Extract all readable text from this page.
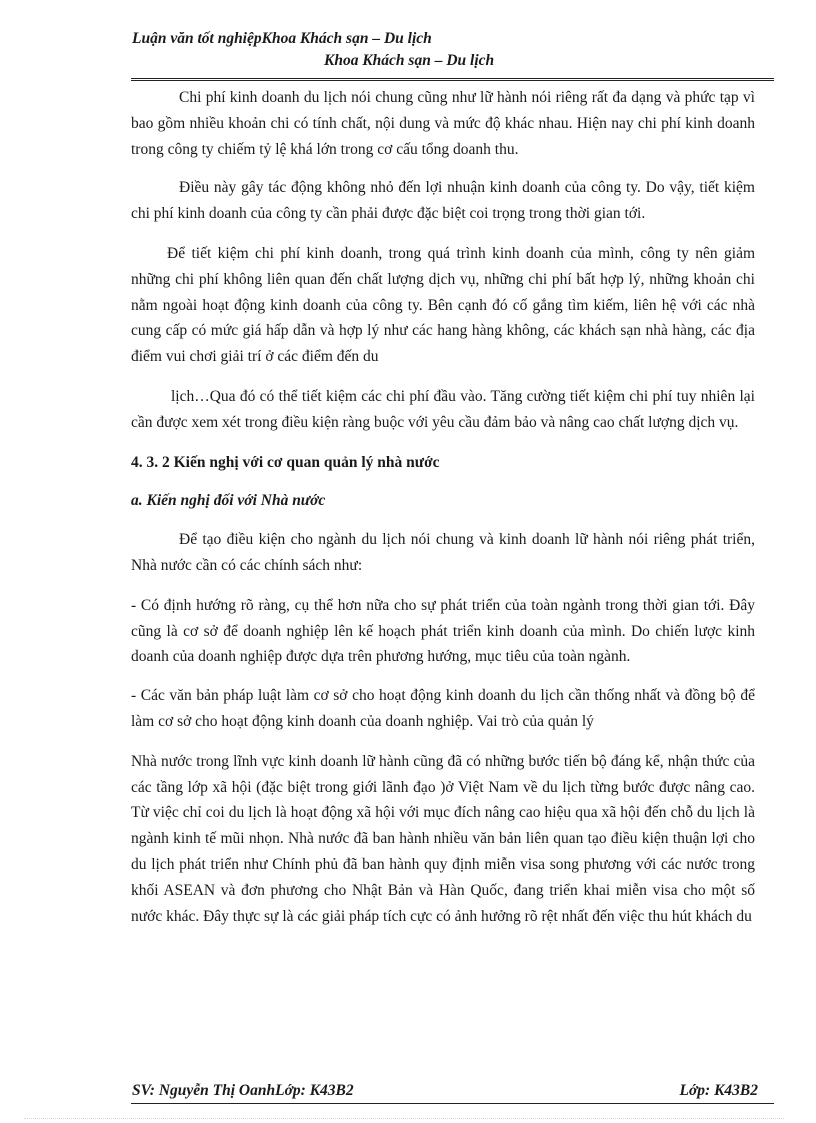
Luận văn tốt nghiệpKhoa Khách sạn – Du lịch
Khoa Khách sạn – Du lịch

Chi phí kinh doanh du lịch nói chung cũng như lữ hành nói riêng rất đa dạng và phức tạp vì bao gồm nhiều khoản chi có tính chất, nội dung và mức độ khác nhau. Hiện nay chi phí kinh doanh trong công ty chiếm tỷ lệ khá lớn trong cơ cấu tổng doanh thu.

Điều này gây tác động không nhỏ đến lợi nhuận kinh doanh của công ty. Do vậy, tiết kiệm chi phí kinh doanh của công ty cần phải được đặc biệt coi trọng trong thời gian tới.

Để tiết kiệm chi phí kinh doanh, trong quá trình kinh doanh của mình, công ty nên giảm những chi phí không liên quan đến chất lượng dịch vụ, những chi phí bất hợp lý, những khoản chi nằm ngoài hoạt động kinh doanh của công ty. Bên cạnh đó cố gắng tìm kiếm, liên hệ với các nhà cung cấp có mức giá hấp dẫn và hợp lý như các hang hàng không, các khách sạn nhà hàng, các địa điểm vui chơi giải trí ở các điểm đến du

lịch…Qua đó có thể tiết kiệm các chi phí đầu vào. Tăng cường tiết kiệm chi phí tuy nhiên lại cần được xem xét trong điều kiện ràng buộc với yêu cầu đảm bảo và nâng cao chất lượng dịch vụ.

4. 3. 2 Kiến nghị với cơ quan quản lý nhà nước

a. Kiến nghị đối với Nhà nước

Để tạo điều kiện cho ngành du lịch nói chung và kinh doanh lữ hành nói riêng phát triển, Nhà nước cần có các chính sách như:

- Có định hướng rõ ràng, cụ thể hơn nữa cho sự phát triển của toàn ngành trong thời gian tới. Đây cũng là cơ sở để doanh nghiệp lên kế hoạch phát triển kinh doanh của mình. Do chiến lược kinh doanh của doanh nghiệp được dựa trên phương hướng, mục tiêu của toàn ngành.

- Các văn bản pháp luật làm cơ sở cho hoạt động kinh doanh du lịch cần thống nhất và đồng bộ để làm cơ sở cho hoạt động kinh doanh của doanh nghiệp. Vai trò của quản lý

Nhà nước trong lĩnh vực kinh doanh lữ hành cũng đã có những bước tiến bộ đáng kể, nhận thức của các tầng lớp xã hội (đặc biệt trong giới lãnh đạo )ở Việt Nam về du lịch từng bước được nâng cao. Từ việc chỉ coi du lịch là hoạt động xã hội với mục đích nâng cao hiệu qua xã hội đến chỗ du lịch là ngành kinh tế mũi nhọn. Nhà nước đã ban hành nhiều văn bản liên quan tạo điều kiện thuận lợi cho du lịch phát triển như Chính phủ đã ban hành quy định miễn visa song phương với các nước trong khối ASEAN và đơn phương cho Nhật Bản và Hàn Quốc, đang triển khai miễn visa cho một số nước khác. Đây thực sự là các giải pháp tích cực có ảnh hưởng rõ rệt nhất đến việc thu hút khách du

SV: Nguyễn Thị OanhLớp: K43B2	Lớp: K43B2
